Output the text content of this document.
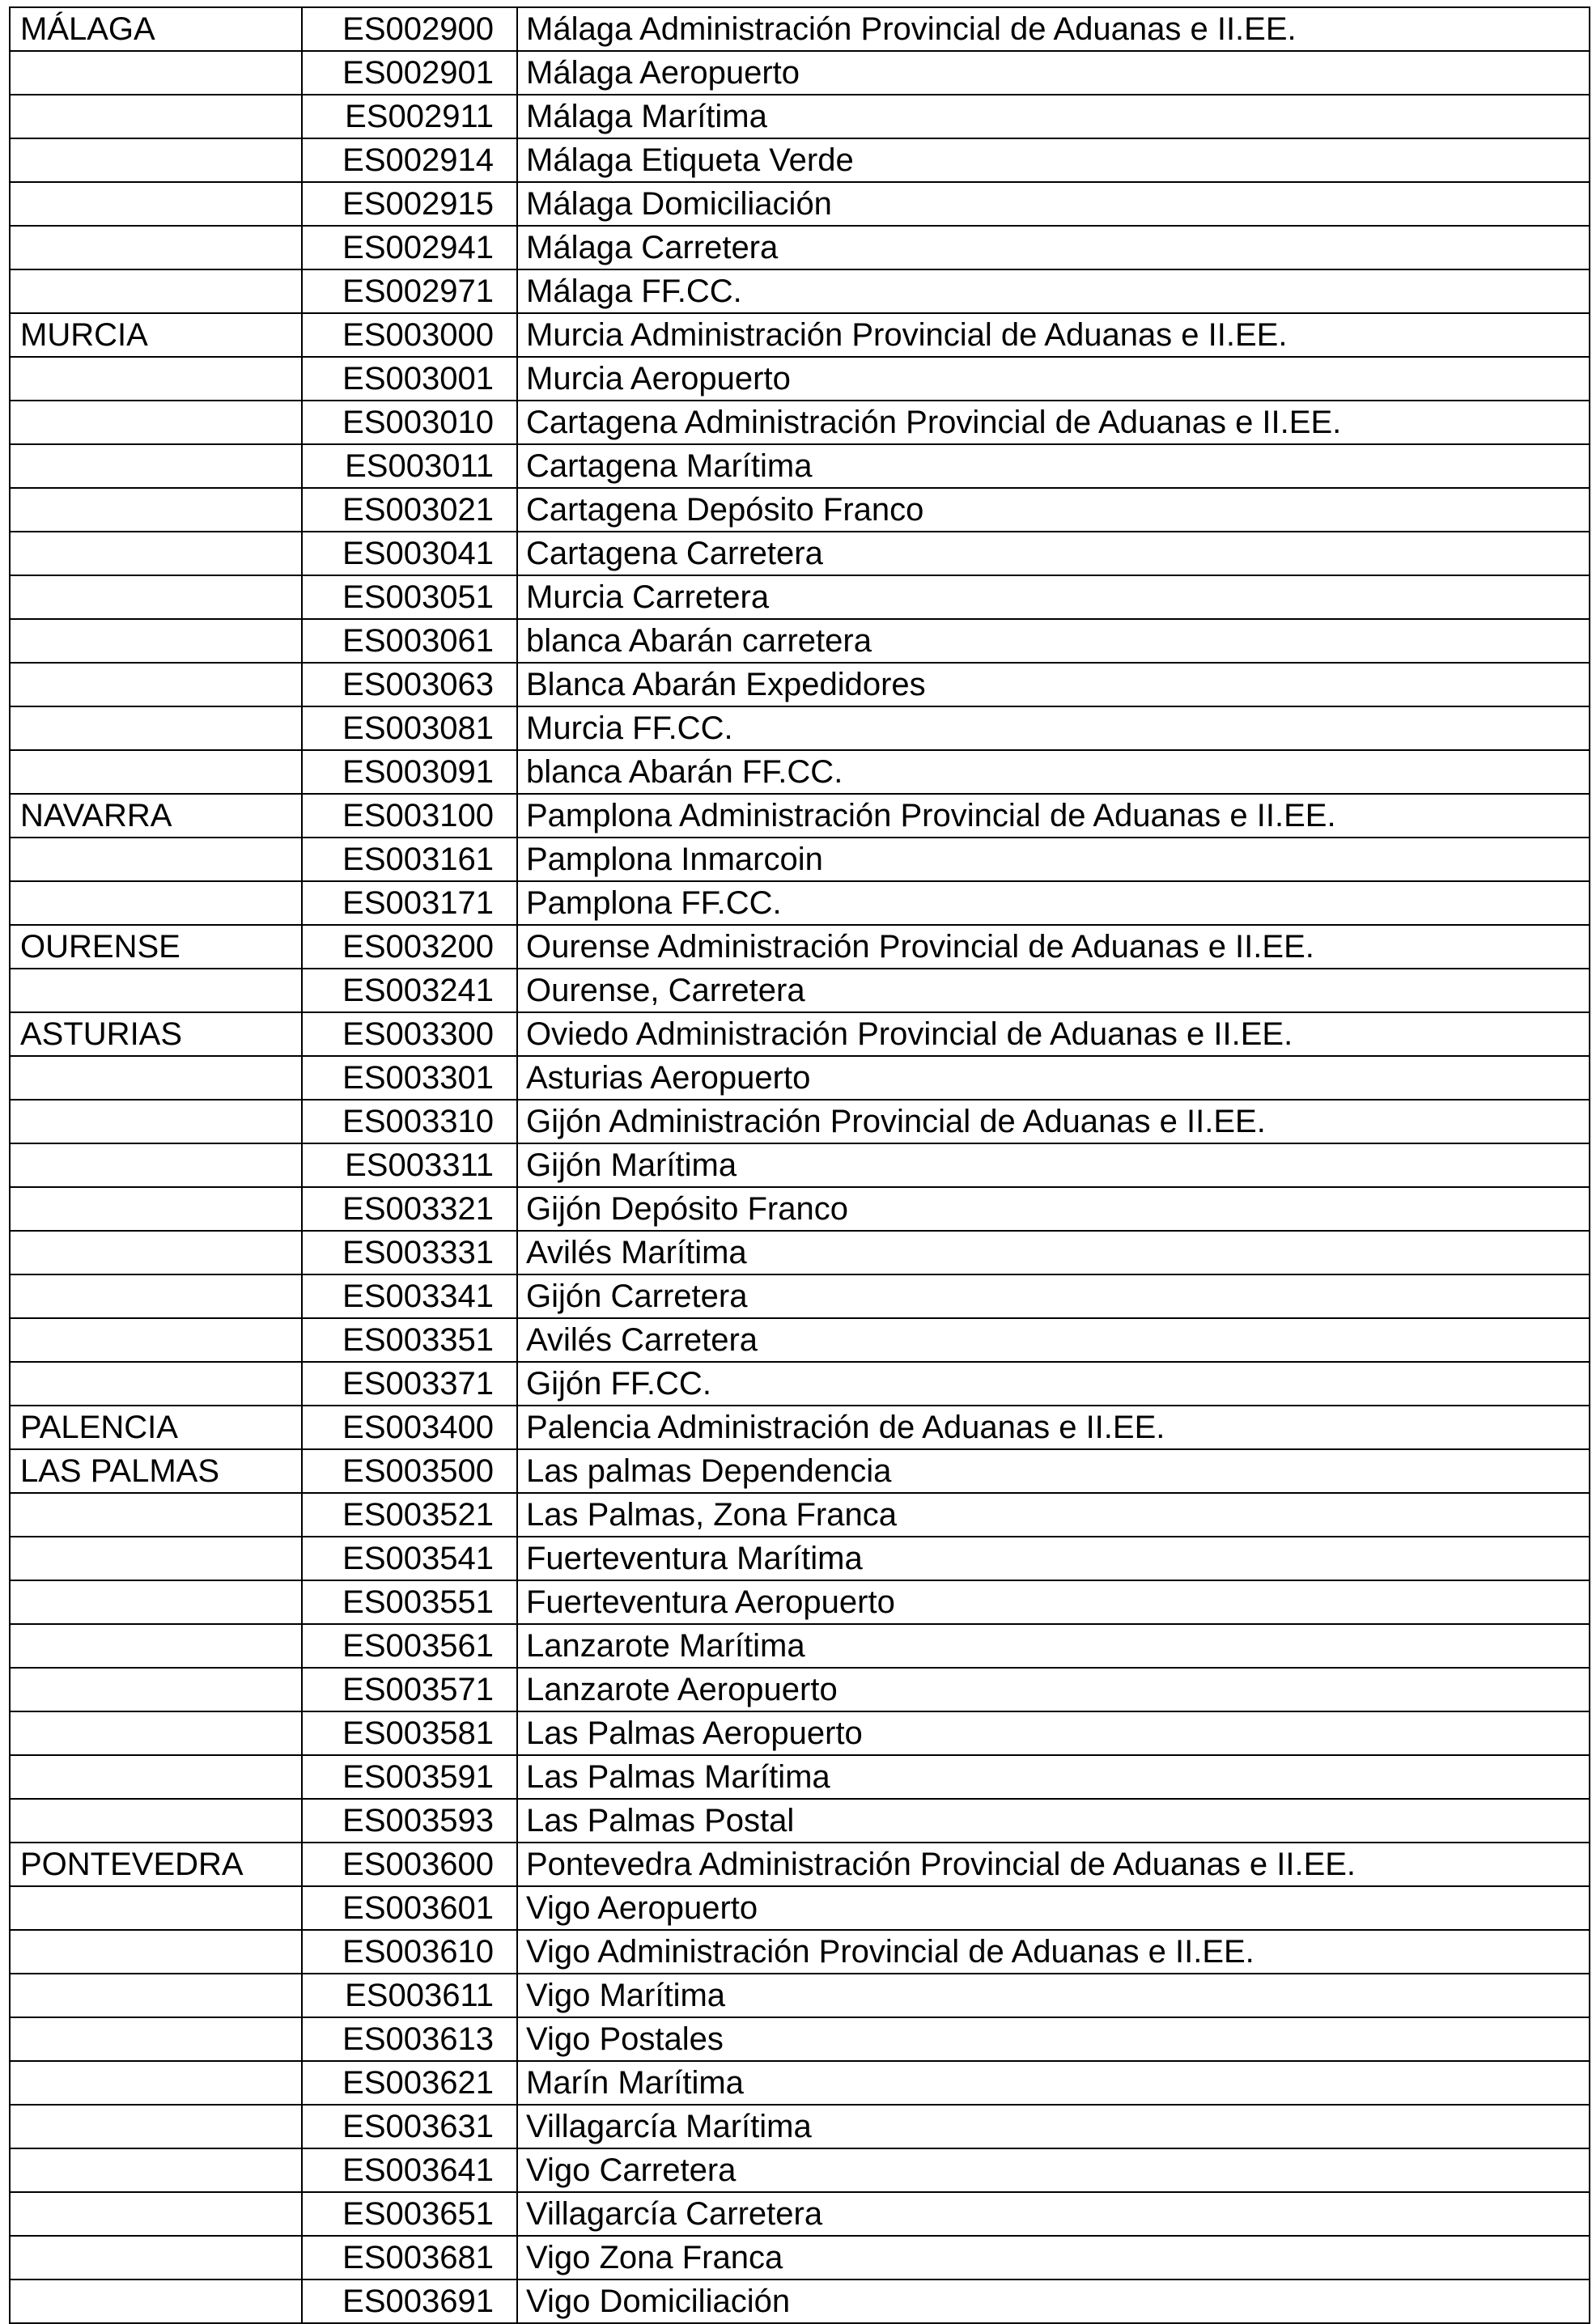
MÁLAGA	ES002900	Málaga Administración Provincial de Aduanas e II.EE.
	ES002901	Málaga Aeropuerto
	ES002911	Málaga Marítima
	ES002914	Málaga Etiqueta Verde
	ES002915	Málaga Domiciliación
	ES002941	Málaga Carretera
	ES002971	Málaga FF.CC.
MURCIA	ES003000	Murcia Administración Provincial de Aduanas e II.EE.
	ES003001	Murcia Aeropuerto
	ES003010	Cartagena Administración Provincial de Aduanas e II.EE.
	ES003011	Cartagena Marítima
	ES003021	Cartagena Depósito Franco
	ES003041	Cartagena Carretera
	ES003051	Murcia Carretera
	ES003061	blanca Abarán carretera
	ES003063	Blanca Abarán Expedidores
	ES003081	Murcia FF.CC.
	ES003091	blanca Abarán FF.CC.
NAVARRA	ES003100	Pamplona Administración Provincial de Aduanas e II.EE.
	ES003161	Pamplona Inmarcoin
	ES003171	Pamplona FF.CC.
OURENSE	ES003200	Ourense Administración Provincial de Aduanas e II.EE.
	ES003241	Ourense, Carretera
ASTURIAS	ES003300	Oviedo Administración Provincial de Aduanas e II.EE.
	ES003301	Asturias Aeropuerto
	ES003310	Gijón Administración Provincial de Aduanas e II.EE.
	ES003311	Gijón Marítima
	ES003321	Gijón Depósito Franco
	ES003331	Avilés Marítima
	ES003341	Gijón Carretera
	ES003351	Avilés Carretera
	ES003371	Gijón FF.CC.
PALENCIA	ES003400	Palencia Administración de Aduanas e II.EE.
LAS PALMAS	ES003500	Las palmas Dependencia
	ES003521	Las Palmas, Zona Franca
	ES003541	Fuerteventura Marítima
	ES003551	Fuerteventura Aeropuerto
	ES003561	Lanzarote Marítima
	ES003571	Lanzarote Aeropuerto
	ES003581	Las Palmas Aeropuerto
	ES003591	Las Palmas Marítima
	ES003593	Las Palmas Postal
PONTEVEDRA	ES003600	Pontevedra Administración Provincial de Aduanas e II.EE.
	ES003601	Vigo Aeropuerto
	ES003610	Vigo Administración Provincial de Aduanas e II.EE.
	ES003611	Vigo Marítima
	ES003613	Vigo Postales
	ES003621	Marín Marítima
	ES003631	Villagarcía Marítima
	ES003641	Vigo Carretera
	ES003651	Villagarcía Carretera
	ES003681	Vigo Zona Franca
	ES003691	Vigo Domiciliación
